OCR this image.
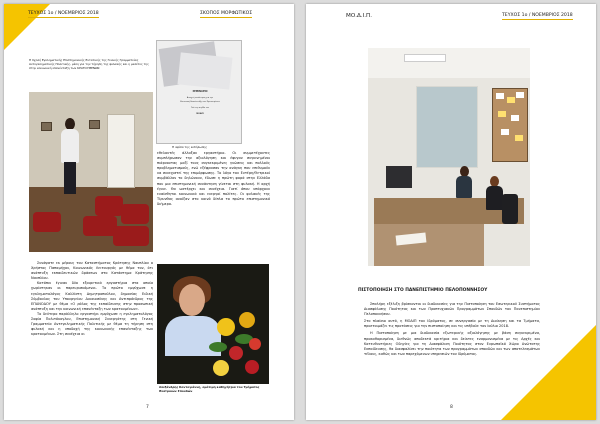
ΤΕΥΧΟΣ 1ο / ΝΟΕΜΒΡΙΟΣ 2018	ΣΚΟΠΟΣ ΜΟΡΦΩΤΙΚΟΣ
Η Σχολή Εγκληματικής Επιστημονικής Εντατικής της Γενικής Γραμματείας Αντεγκληματικής Πολιτικής, μέλη για την τήρηση της φυλακής και η μελέτες της στην κοινωνική επανένταξη των ΚΡΑΤΟΥΜΕΝΩΝ
ΣΕΜΙΝΑΡΙΟ
Ανοιχτή συνάντηση για την
Κοινωνική Επανένταξη των Κρατουμένων
Υπό την αιγίδα του
ΜΟΔΙΠ
Η αφίσα της εκδήλωσης
εθελοντές άλλαξαν εργαστήριο. Οι συμμετέχοντες συμπλήρωσαν την αξιολόγηση και έφυγαν συγκινημένοι πιάρνοντας μαζί τους συγκεκριμένες γνώσεις και πολλούς προβληματισμούς, ενώ εξέφρασαν την ανάγκη που επιθυμούν να συνεχιστεί της επιμόρφωσης. Το λόγο του Ευτέρη/Θετρικοί συμβάλλον το δηλώνουν, έδωσε η πρώτη φορά στην Ελλάδα που μια επιστημονική συνάντηση γίνεται στη φυλακή. Η αρχή έγινε. Θα ωστέρχει και συνέχεια. Γιατί όπου υπάρχουν ευαίσθητοι κοινωνικά και ενεργοί πολίτες. Οι φυλακές της Τίρυνθας ανοίξαν στο κοινό δίπλα το πρώτο επιστημονικό διήμερο.

Συνάψατε εκ μέρους του Καταστήματος Κράτησης Ναυπλίου ο Χρήστος Παπαμήχου, Κοινωνικός Λειτουργός με θέμα τον, ότι ανάπτυξη εκπαιδευτικών δράσεων στο Κατάστημα Κράτησης Ναυπλίου.

Κατόπιν έγιναν δύο εξαιρετικά εργαστήρια στα οποία χωρίστηκαν οι παρευρισκόμενοι. Το πρώτο εμψύχωσε η εγκληματολόγος Καλλίστη Δημητροπούλου, δημοσίας Ειδική Σύμβουλος του Υπουργείου Δικαιοσύνης και Αντιπρόεδρος της ΕΠΑΝΟΔΟΥ με θέμα «Ο ρόλος της εκπαίδευσης στην προσωπική ανάπτυξη και την κοινωνική επανένταξη των κρατουμένων».

Το δεύτερο παράλληλο εργαστήρι εμψύχωσε η εγκληματολόγος Σοφία Πολιτόκογλου, Επιστημονική Συνεργάτης στη Γενική Γραμματεία Αντεγκληματικής Πολιτικής με θέμα τη τήρηση στη φυλακή και η υποδοχή της κοινωνικής επανένταξης των κρατουμένων. Στη συνέχεια οι

Αλεξάνδρης Κοντογιάννη, ομότιμη καθηγήτρια του Τμήματος Θεατρικών Σπουδών
7
ΜΟ.Δ.Ι.Π.	ΤΕΥΧΟΣ 1ο / ΝΟΕΜΒΡΙΟΣ 2018
ΠΙΣΤΟΠΟΙΗΣΗ ΣΤΟ ΠΑΝΕΠΙΣΤΗΜΙΟ ΠΕΛΟΠΟΝΝΗΣΟΥ

Σπαλήρη εξέλιξη βρίσκονται οι διαδικασίες για την Πιστοποίηση του Εσωτερικού Συστήματος Διασφάλισης Ποιότητας και των Προπτυχιακών Προγραμμάτων Σπουδών του Πανεπιστημίου Πελοποννήσου.

Στο πλαίσιο αυτό, η ΜΟΔΙΠ του Ιδρύματος, σε συνεργασία με τη Διοίκηση και τα Τμήματα, προετοιμάζει τις προτάσεις για την πιστοποίηση και τις υπέβαλε τον Ιούλιο 2018.

Η Πιστοποίηση με μια διαδικασία εξωτερικής αξιολόγησης με βάση συγκεκριμένα, προκαθορισμένα, διεθνώς αποδεκτά κριτήρια και δείκτες εναρμονισμένα με τις Αρχές και Κατευθυντήριες Οδηγίες για τη Διασφάλιση Ποιότητας στον Ευρωπαϊκό Χώρο Ανώτατης Εκπαίδευσης, θα διασφαλίσει την ποιότητα των προγραμμάτων σπουδών και των αποτελεσμάτων τέλους, καθώς και των παρεχόμενων υπηρεσιών του Ιδρύματος.

8
